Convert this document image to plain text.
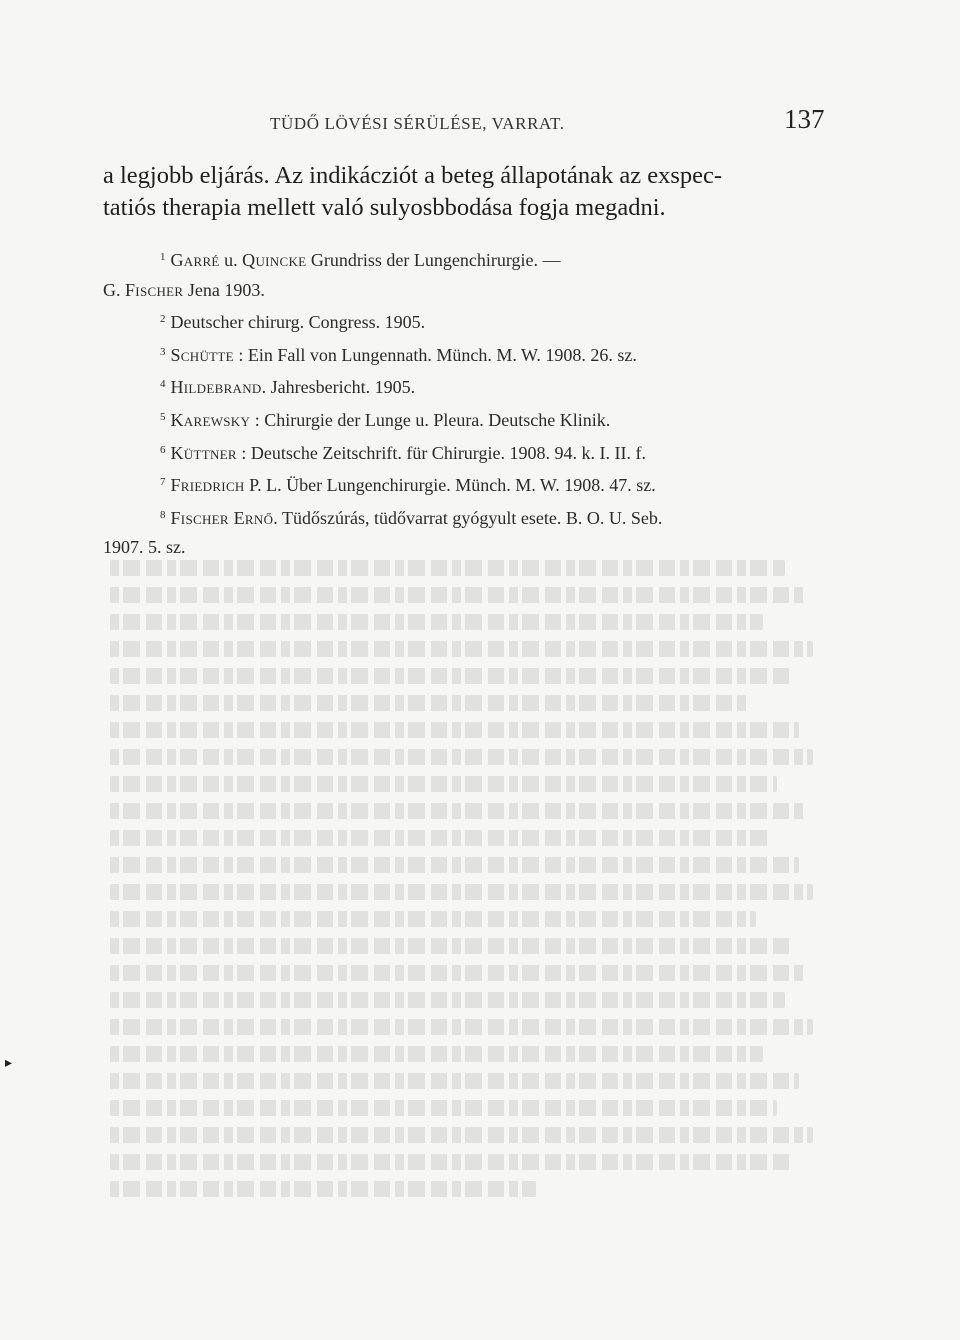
TÜDŐ LÖVÉSI SÉRÜLÉSE, VARRAT.	137
a legjobb eljárás. Az indikácziót a beteg állapotának az exspec-
tatiós therapia mellett való sulyosbbodása fogja megadni.
$^1$ Garré u. Quincke Grundriss der Lungenchirurgie. —
G. Fischer Jena 1903.
$^2$ Deutscher chirurg. Congress. 1905.
$^3$ Schütte : Ein Fall von Lungennath. Münch. M. W. 1908. 26. sz.
$^4$ Hildebrand. Jahresbericht. 1905.
$^5$ Karewsky : Chirurgie der Lunge u. Pleura. Deutsche Klinik.
$^6$ Küttner : Deutsche Zeitschrift. für Chirurgie. 1908. 94. k. I. II. f.
$^7$ Friedrich P. L. Über Lungenchirurgie. Münch. M. W. 1908. 47. sz.
$^8$ Fischer Ernő. Tüdőszúrás, tüdővarrat gyógyult esete. B. O. U. Seb.
1907. 5. sz.
▸
